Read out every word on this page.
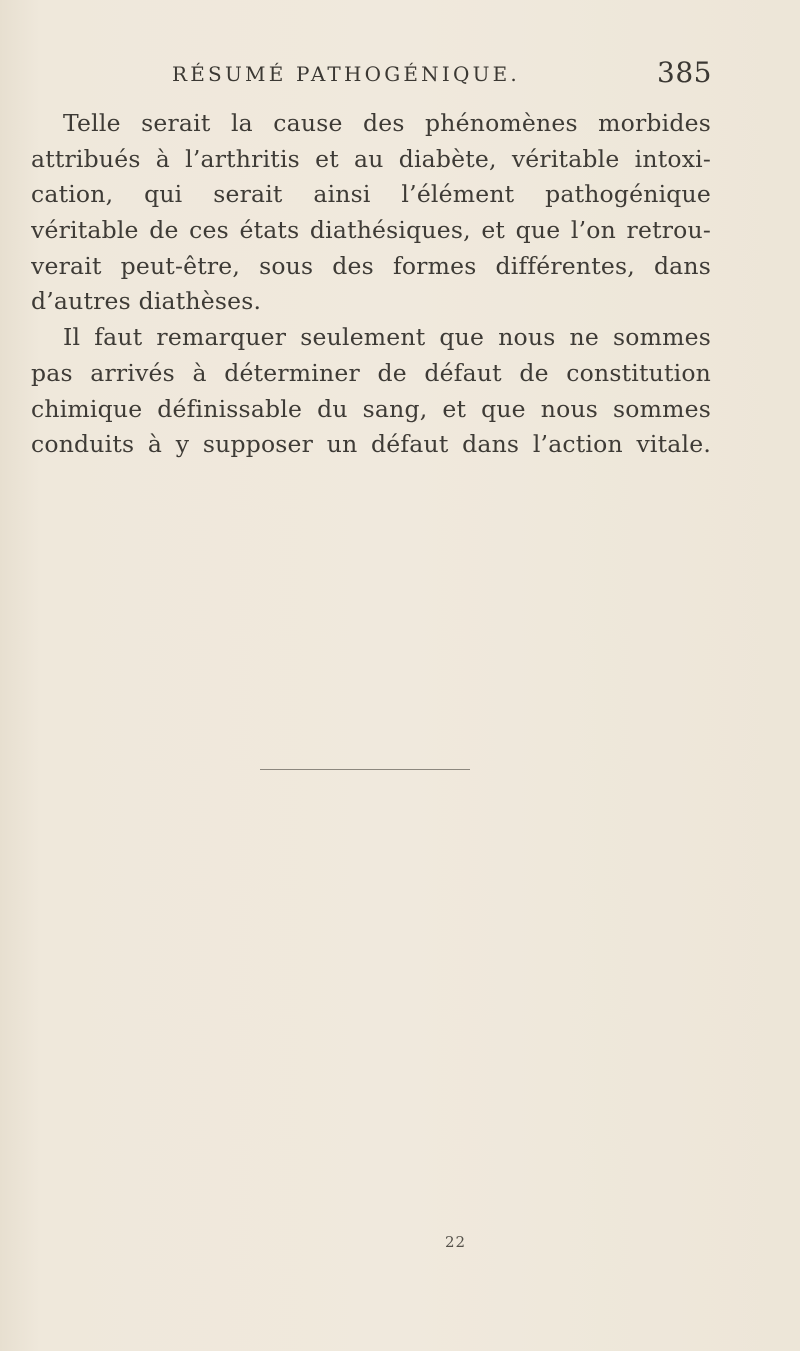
RÉSUMÉ PATHOGÉNIQUE.	385
Telle serait la cause des phénomènes morbides
attribués à l’arthritis et au diabète, véritable intoxi-
cation, qui serait ainsi l’élément pathogénique
véritable de ces états diathésiques, et que l’on retrou-
verait peut-être, sous des formes différentes, dans
d’autres diathèses.
Il faut remarquer seulement que nous ne sommes
pas arrivés à déterminer de défaut de constitution
chimique définissable du sang, et que nous sommes
conduits à y supposer un défaut dans l’action vitale.
22
